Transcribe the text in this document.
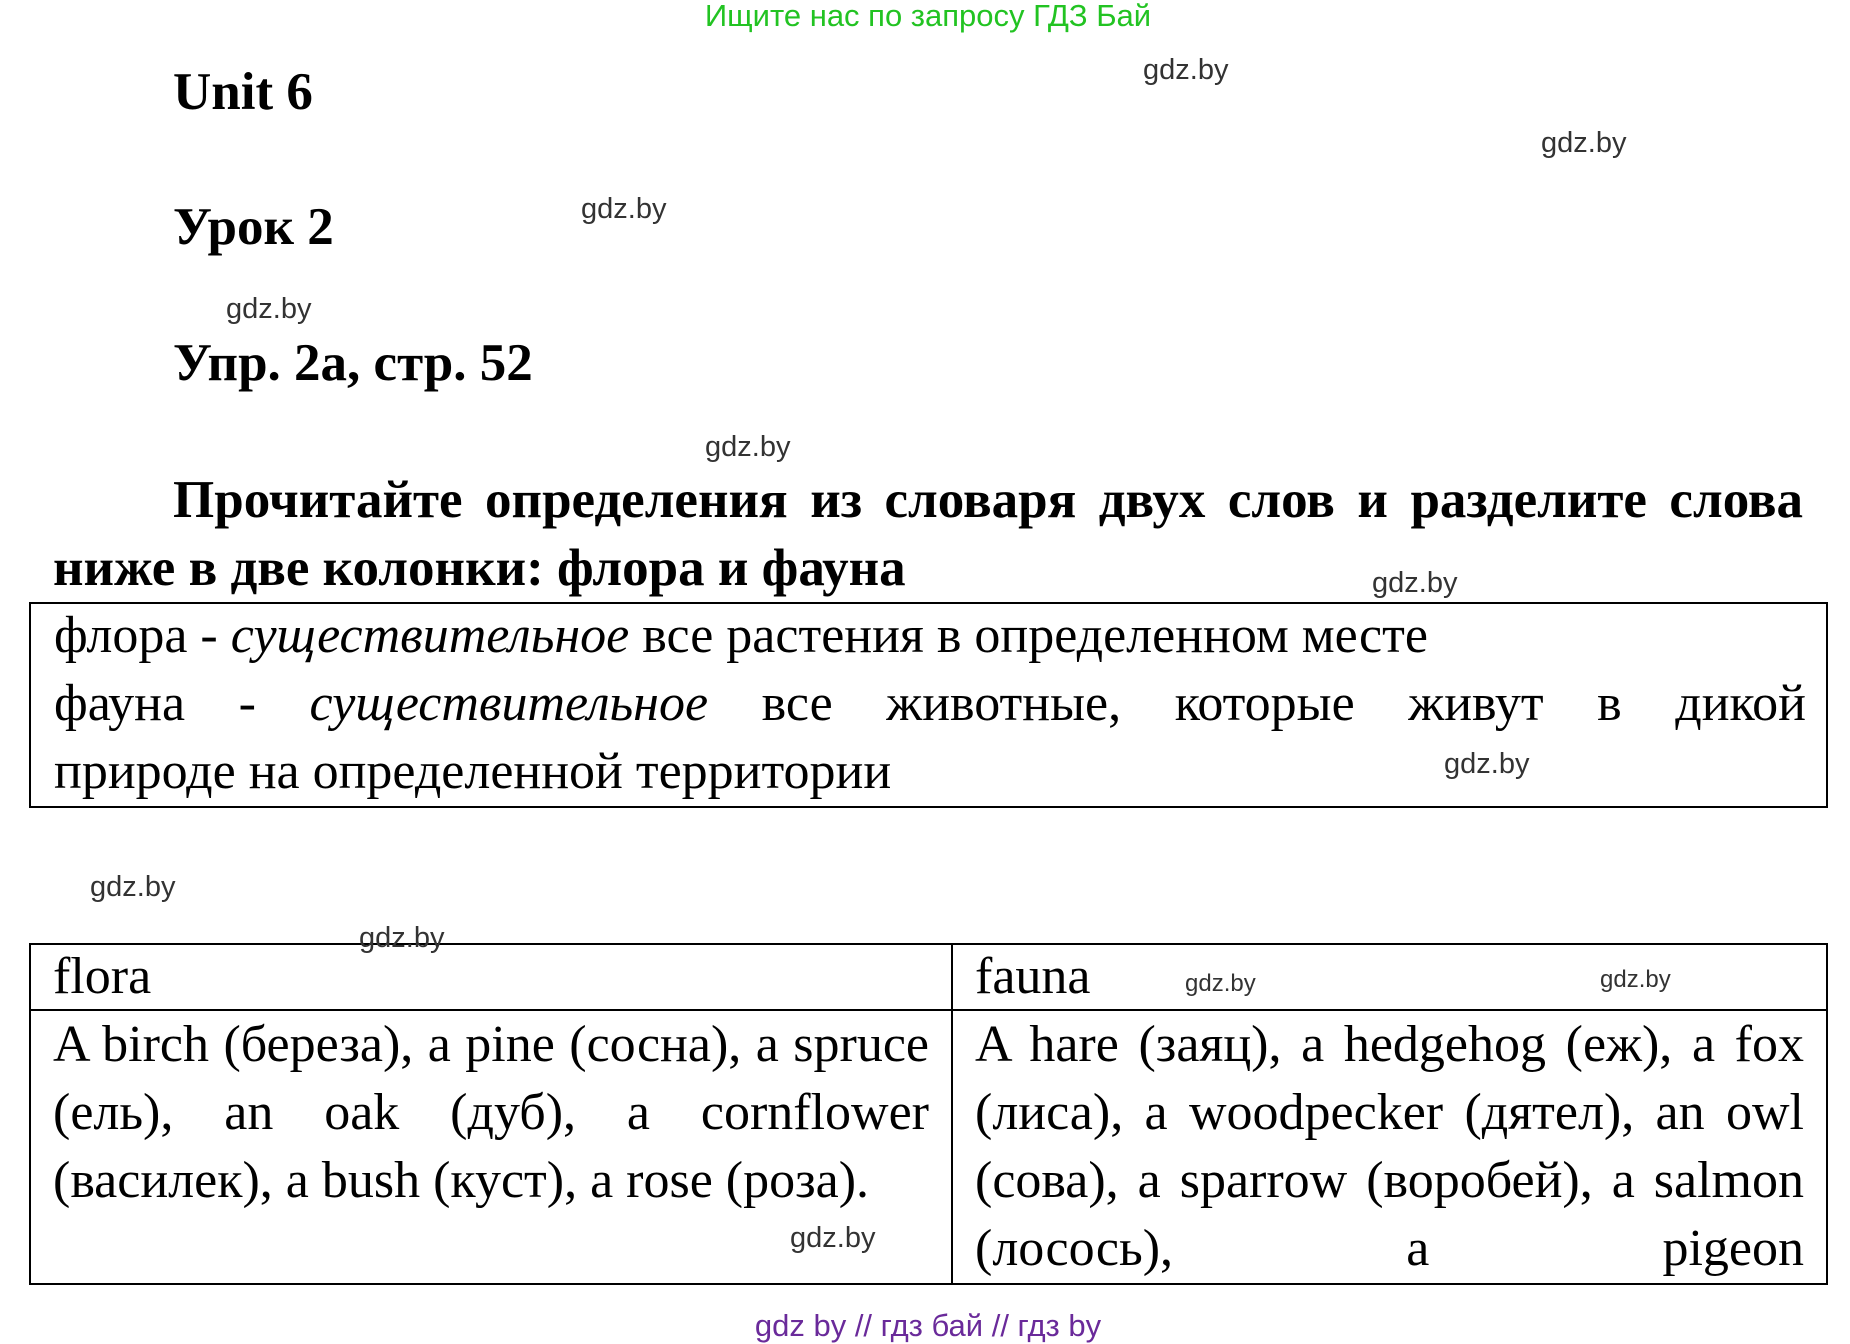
Ищите нас по запросу ГДЗ Бай
Unit 6
Урок 2
Упр. 2а, стр. 52
Прочитайте определения из словаря двух слов и разделите слова ниже в две колонки: флора и фауна
флора - существительное все растения в определенном месте
фауна - существительное все животные, которые живут в дикой
природе на определенной территории
flora	fauna
A birch (береза), a pine (сосна), a spruce (ель), an oak (дуб), a cornflower (василек), a bush (куст), a rose (роза).	A hare (заяц), a hedgehog (еж), a fox (лиса), a woodpecker (дятел), an owl (сова), a sparrow (воробей), a salmon (лосось), a pigeon
gdz.by
gdz.by
gdz.by
gdz.by
gdz.by
gdz.by
gdz.by
gdz.by
gdz.by
gdz.by	gdz.by
gdz.by
gdz by // гдз бай // гдз by
